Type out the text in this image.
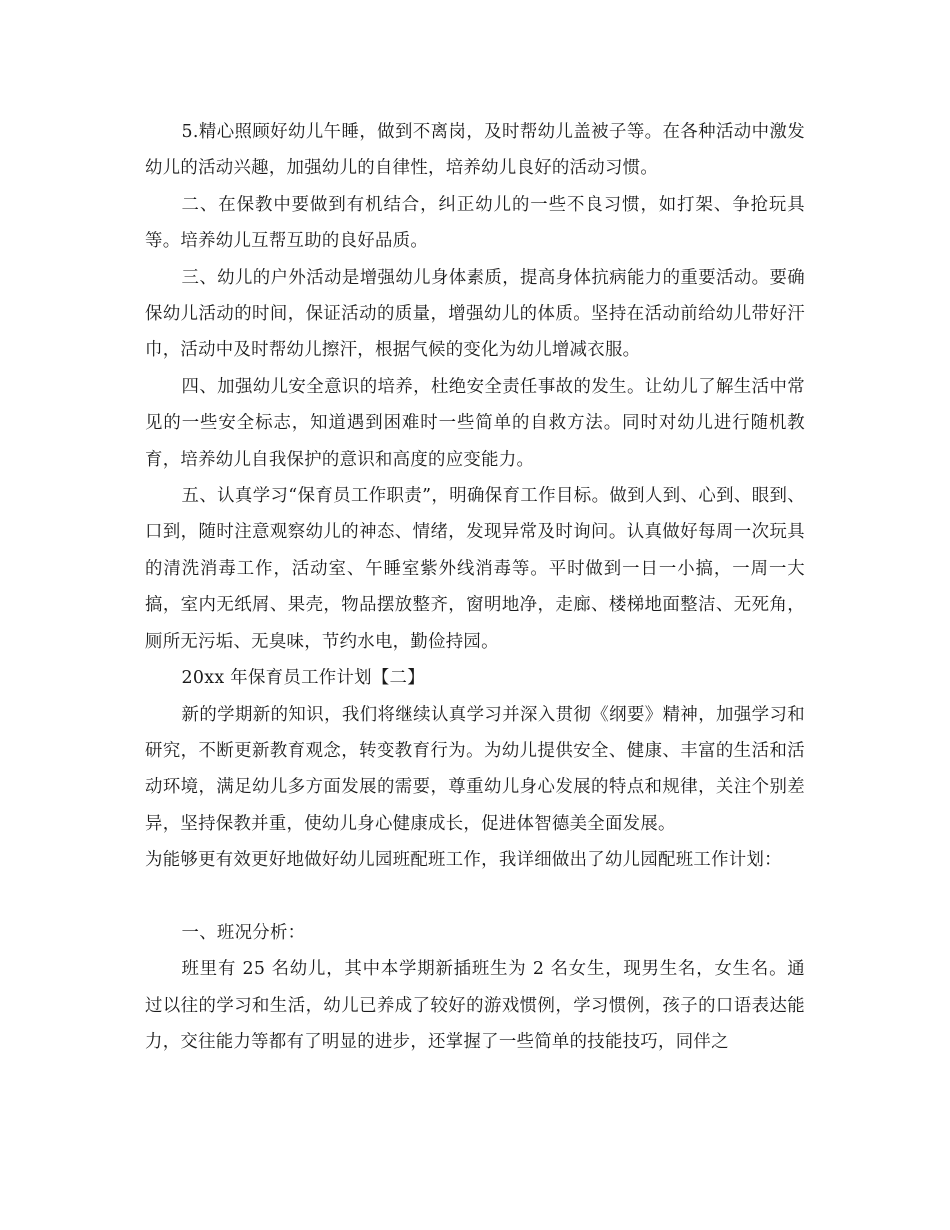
5.精心照顾好幼儿午睡，做到不离岗，及时帮幼儿盖被子等。在各种活动中激发幼儿的活动兴趣，加强幼儿的自律性，培养幼儿良好的活动习惯。

二、在保教中要做到有机结合，纠正幼儿的一些不良习惯，如打架、争抢玩具等。培养幼儿互帮互助的良好品质。

三、幼儿的户外活动是增强幼儿身体素质，提高身体抗病能力的重要活动。要确保幼儿活动的时间，保证活动的质量，增强幼儿的体质。坚持在活动前给幼儿带好汗巾，活动中及时帮幼儿擦汗，根据气候的变化为幼儿增减衣服。

四、加强幼儿安全意识的培养，杜绝安全责任事故的发生。让幼儿了解生活中常见的一些安全标志，知道遇到困难时一些简单的自救方法。同时对幼儿进行随机教育，培养幼儿自我保护的意识和高度的应变能力。

五、认真学习“保育员工作职责”，明确保育工作目标。做到人到、心到、眼到、口到，随时注意观察幼儿的神态、情绪，发现异常及时询问。认真做好每周一次玩具的清洗消毒工作，活动室、午睡室紫外线消毒等。平时做到一日一小搞，一周一大搞，室内无纸屑、果壳，物品摆放整齐，窗明地净，走廊、楼梯地面整洁、无死角，厕所无污垢、无臭味，节约水电，勤俭持园。

20xx 年保育员工作计划【二】

新的学期新的知识，我们将继续认真学习并深入贯彻《纲要》精神，加强学习和研究，不断更新教育观念，转变教育行为。为幼儿提供安全、健康、丰富的生活和活动环境，满足幼儿多方面发展的需要，尊重幼儿身心发展的特点和规律，关注个别差异，坚持保教并重，使幼儿身心健康成长，促进体智德美全面发展。

为能够更有效更好地做好幼儿园班配班工作，我详细做出了幼儿园配班工作计划：

一、班况分析：

班里有 25 名幼儿，其中本学期新插班生为 2 名女生，现男生名，女生名。通过以往的学习和生活，幼儿已养成了较好的游戏惯例，学习惯例，孩子的口语表达能力，交往能力等都有了明显的进步，还掌握了一些简单的技能技巧，同伴之
